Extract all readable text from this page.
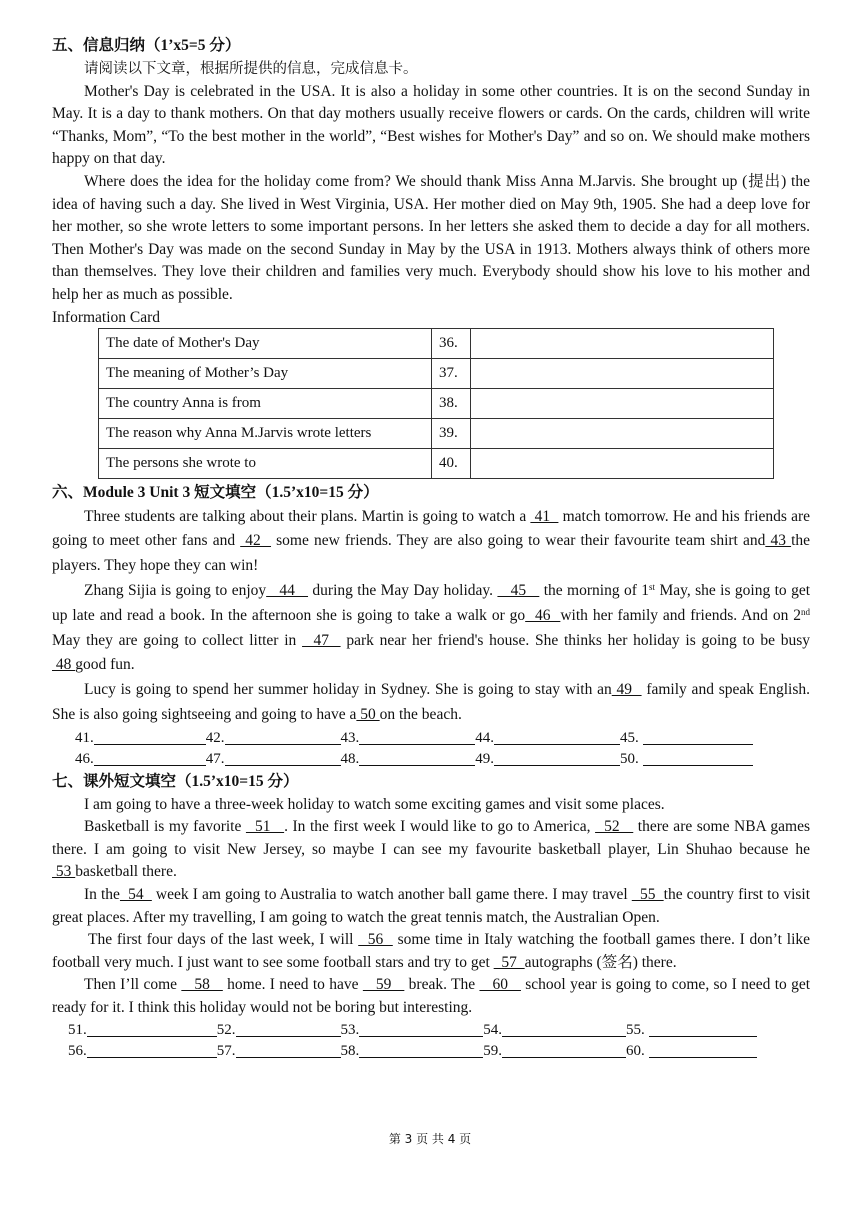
五、信息归纳（1’x5=5 分）

请阅读以下文章，根据所提供的信息，完成信息卡。

Mother's Day is celebrated in the USA. It is also a holiday in some other countries. It is on the second Sunday in May. It is a day to thank mothers. On that day mothers usually receive flowers or cards. On the cards, children will write “Thanks, Mom”, “To the best mother in the world”, “Best wishes for Mother's Day” and so on. We should make mothers happy on that day.

Where does the idea for the holiday come from? We should thank Miss Anna M.Jarvis. She brought up (提出) the idea of having such a day. She lived in West Virginia, USA. Her mother died on May 9th, 1905. She had a deep love for her mother, so she wrote letters to some important persons. In her letters she asked them to decide a day for all mothers. Then Mother's Day was made on the second Sunday in May by the USA in 1913. Mothers always think of others more than themselves. They love their children and families very much. Everybody should show his love to his mother and help her as much as possible.

Information Card
The date of Mother's Day	36.	
The meaning of Mother’s Day	37.	
The country Anna is from	38.	
The reason why Anna M.Jarvis wrote letters	39.	
The persons she wrote to	40.	
六、Module 3 Unit 3 短文填空（1.5’x10=15 分）

Three students are talking about their plans. Martin is going to watch a  41   match tomorrow. He and his friends are going to meet other fans and  42   some new friends. They are also going to wear their favourite team shirt and 43 the players. They hope they can win!

Zhang Sijia is going to enjoy   44    during the May Day holiday.    45    the morning of 1st May, she is going to get up late and read a book. In the afternoon she is going to take a walk or go  46  with her family and friends. And on 2nd May they are going to collect litter in   47   park near her friend's house. She thinks her holiday is going to be busy 48 good fun.

Lucy is going to spend her summer holiday in Sydney. She is going to stay with an 49   family and speak English. She is also going sightseeing and going to have a 50 on the beach.

41.	42.	43.	44.	45.
46.	47.	48.	49.	50.
七、课外短文填空（1.5’x10=15 分）

I am going to have a three-week holiday to watch some exciting games and visit some places.

Basketball is my favorite   51   . In the first week I would like to go to America,   52    there are some NBA games there. I am going to visit New Jersey, so maybe I can see my favourite basketball player, Lin Shuhao because he 53 basketball there.

In the  54   week I am going to Australia to watch another ball game there. I may travel   55  the country first to visit great places. After my travelling, I am going to watch the great tennis match, the Australian Open.

The first four days of the last week, I will   56   some time in Italy watching the football games there. I don’t like football very much. I just want to see some football stars and try to get   57  autographs (签名) there.

Then I’ll come    58    home. I need to have    59    break. The    60    school year is going to come, so I need to get ready for it. I think this holiday would not be boring but interesting.

51.	52.	53.	54.	55.
56.	57.	58.	59.	60.
第 3 页 共 4 页
